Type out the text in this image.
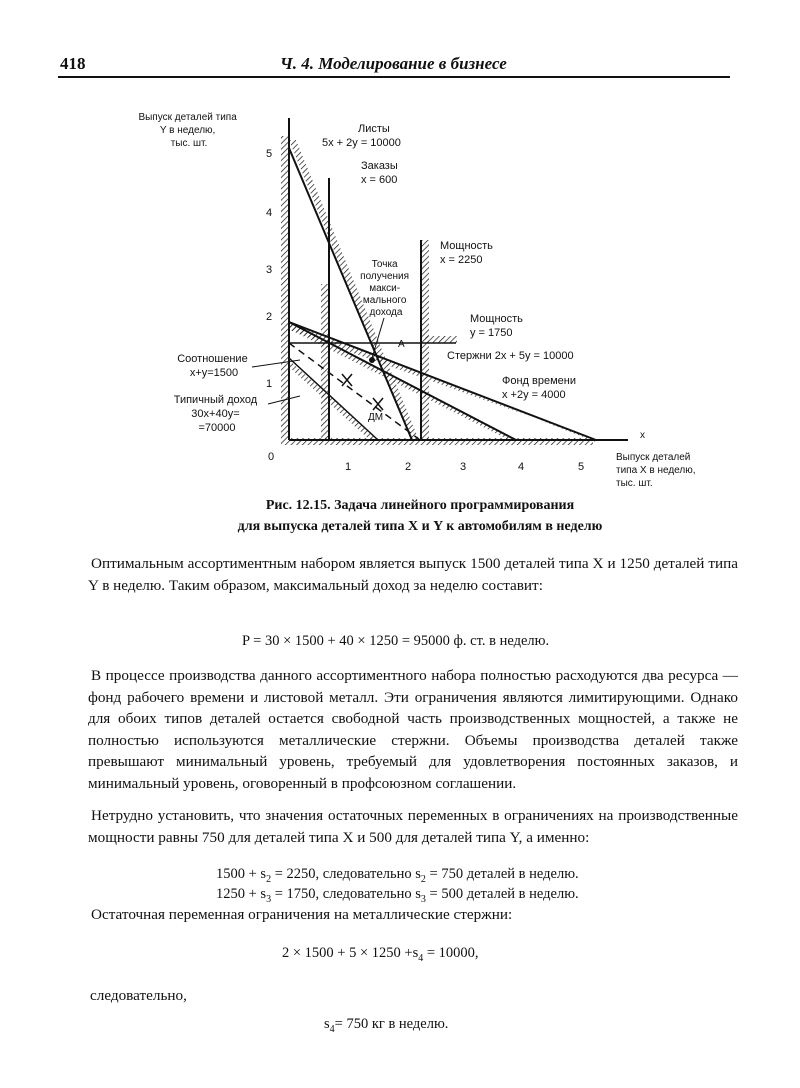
418	Ч. 4. Моделирование в бизнесе
Выпуск деталей типа Y в неделю, тыс. шт.
x
Выпуск деталей типа X в неделю, тыс. шт.
0
1	2	3	4	5
1
2
3
4
5
Листы 5x + 2y = 10000
Заказы x = 600
Мощность x = 2250
Точка получения макси- мального дохода
Мощность y = 1750
A
Стержни 2x + 5y = 10000
Фонд времени x +2y = 4000
Соотношение x+y=1500
Типичный доход 30x+40y= =70000
ДМ
Рис. 12.15. Задача линейного программирования
для выпуска деталей типа X и Y к автомобилям в неделю
Оптимальным ассортиментным набором является выпуск 1500 деталей типа X и 1250 деталей типа Y в неделю. Таким образом, максимальный доход за неделю составит:
P = 30 × 1500 + 40 × 1250 = 95000 ф. ст. в неделю.
В процессе производства данного ассортиментного набора полностью расходуются два ресурса — фонд рабочего времени и листовой металл. Эти ограничения являются лимитирующими. Однако для обоих типов деталей остается свободной часть производственных мощностей, а также не полностью используются металлические стержни. Объемы производства деталей также превышают минимальный уровень, требуемый для удовлетворения постоянных заказов, и минимальный уровень, оговоренный в профсоюзном соглашении.
Нетрудно установить, что значения остаточных переменных в ограничениях на производственные мощности равны 750 для деталей типа X и 500 для деталей типа Y, а именно:
$1500 + s_2 = 2250$, следовательно $s_2 = 750$ деталей в неделю.
$1250 + s_3 = 1750$, следовательно $s_3 = 500$ деталей в неделю.
Остаточная переменная ограничения на металлические стержни:
$2 \times 1500 + 5 \times 1250 +s_4 = 10000$,
следовательно,
$s_4= 750$ кг в неделю.
